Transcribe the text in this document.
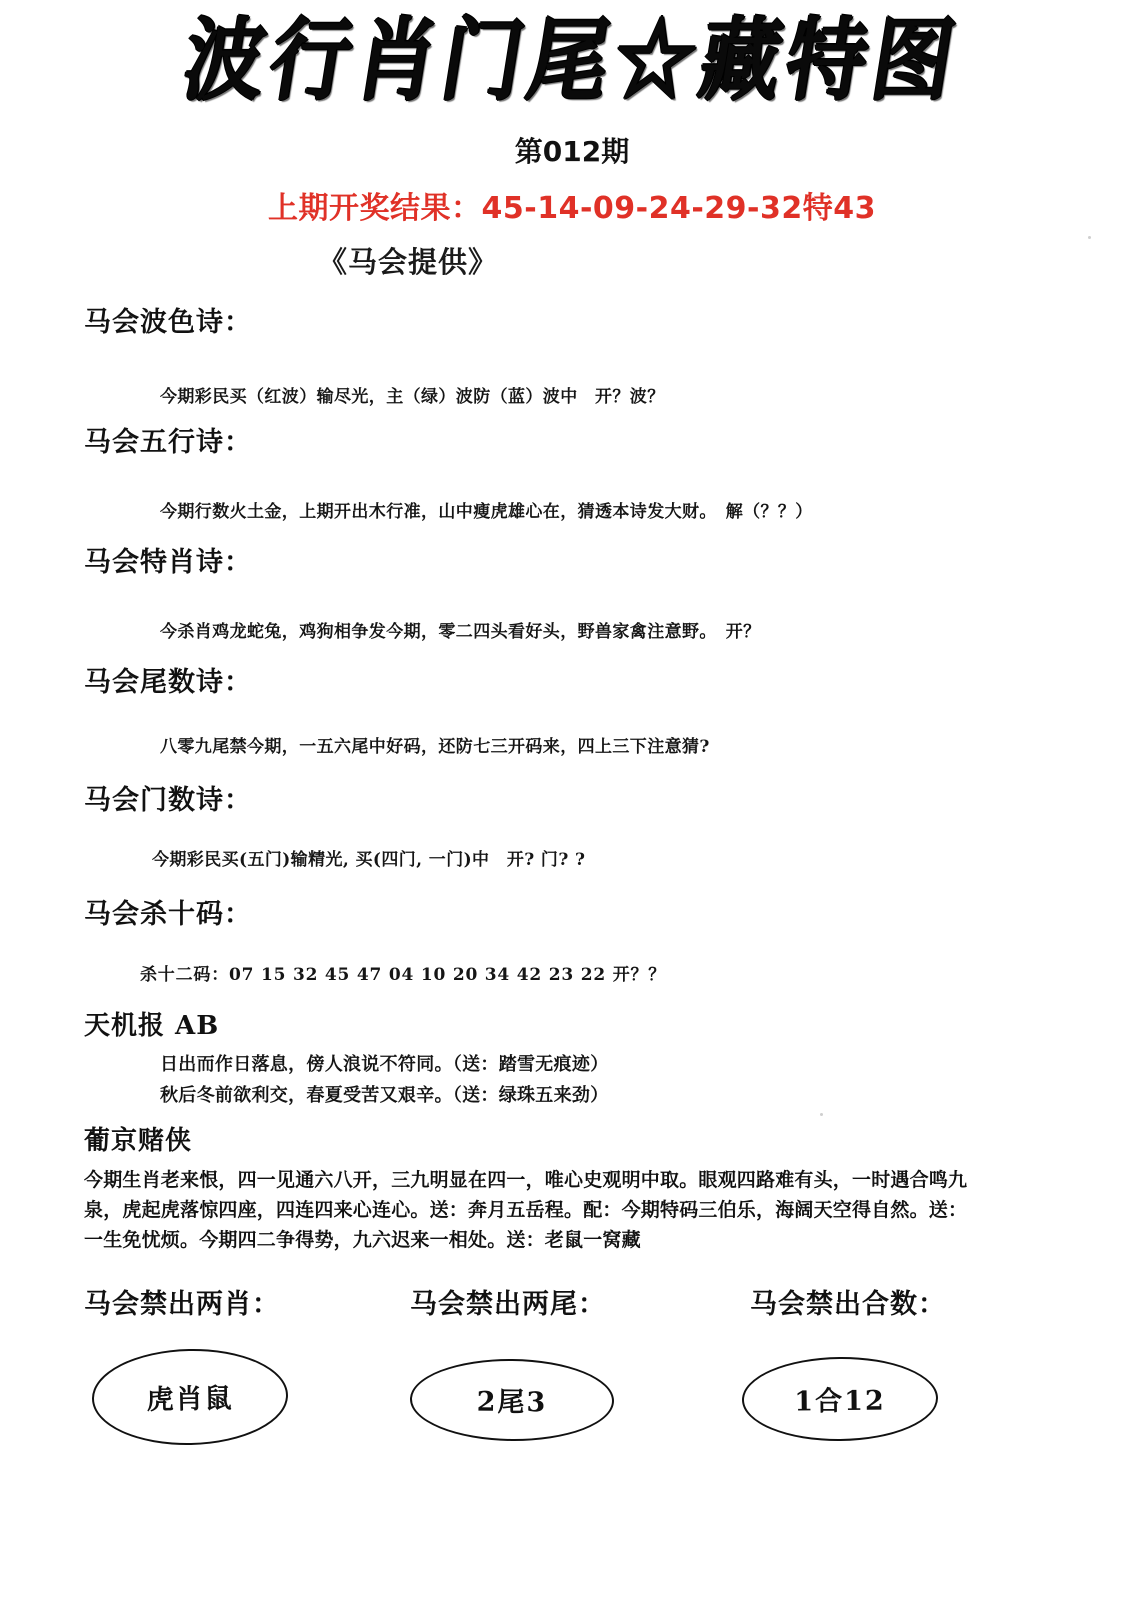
波行肖门尾☆藏特图
第012期
上期开奖结果：45-14-09-24-29-32特43
《马会提供》
马会波色诗：
今期彩民买（红波）输尽光，主（绿）波防（蓝）波中　开？波？
马会五行诗：
今期行数火土金，上期开出木行准，山中瘦虎雄心在，猜透本诗发大财。　解（？？）
马会特肖诗：
今杀肖鸡龙蛇兔，鸡狗相争发今期，零二四头看好头，野兽家禽注意野。　开？
马会尾数诗：
八零九尾禁今期，一五六尾中好码，还防七三开码来，四上三下注意猜?
马会门数诗：
今期彩民买(五门)输精光, 买(四门, 一门)中　开? 门? ?
马会杀十码：
杀十二码：07 15 32 45 47 04 10 20 34 42 23 22 开？？
天机报 AB
日出而作日落息，傍人浪说不符同。（送：踏雪无痕迹）
秋后冬前欲利交，春夏受苦又艰辛。（送：绿珠五来劲）
葡京赌侠
今期生肖老来恨，四一见通六八开，三九明显在四一，唯心史观明中取。眼观四路难有头，一时遇合鸣九
泉，虎起虎落惊四座，四连四来心连心。送：奔月五岳程。配：今期特码三伯乐，海阔天空得自然。送：
一生免忧烦。今期四二争得势，九六迟来一相处。送：老鼠一窝藏
马会禁出两肖：	马会禁出两尾：	马会禁出合数：
虎肖鼠	2尾3	1合12
